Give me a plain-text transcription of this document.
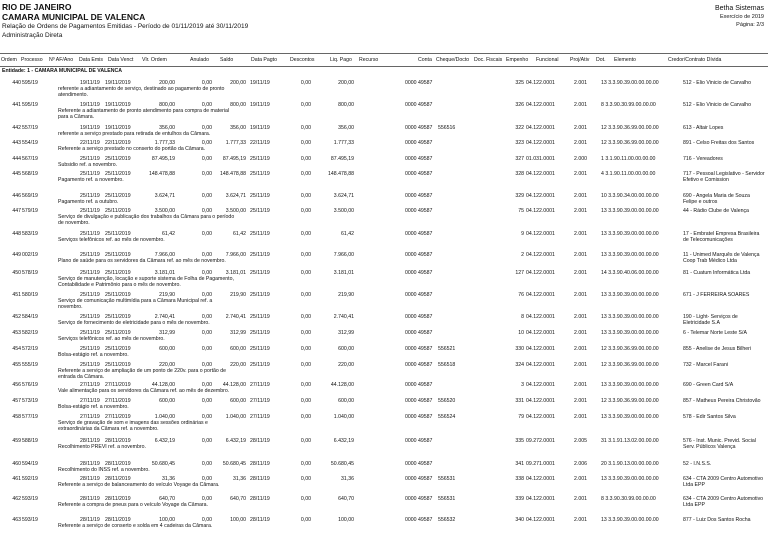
RIO DE JANEIRO
CAMARA MUNICIPAL DE VALENCA
Relação de Ordens de Pagamentos Emitidas - Período de 01/11/2019 até 30/11/2019
Administração Direta
Betha Sistemas
Exercício de 2019
Página: 2/3
Ordem Processo Nº AF/Ano Data Emis Data Venct Vlr. Ordem	Anulado Saldo	Data Pagto	Descontos	Liq. Pago Recurso	Conta Cheque/Docto Doc. Fiscais Empenho Funcional Proj/Ativ Dot. Elemento	Credor/Contrato Dívida
Entidade: 1 - CAMARA MUNICIPAL DE VALENCA
440 595/19	19/11/19 19/11/2019	200,00	0,00	200,00 19/11/19	0,00	200,00	0000 49587	325 04.122.0001	2.001	13 3.3.90.39.00.00.00.00	512 - Elio Vinicio de Carvalho
referente a adiantamento de serviço, destinado ao pagamento de pronto atendimento.
441 595/19	19/11/19 19/11/2019	800,00	0,00	800,00 19/11/19	0,00	800,00	0000 49587	326 04.122.0001	2.001	8 3.3.90.30.99.00.00.00	512 - Elio Vinicio de Carvalho
Referente a adiantamento de pronto atendimento para compra de material para a Câmara.
442 557/19	19/11/19 19/11/2019	356,00	0,00	356,00 19/11/19	0,00	356,00	0000 49587 556516	322 04.122.0001	2.001	12 3.3.90.36.99.00.00.00	613 - Altair Lopes
referente a serviço prestado para retirada de entulhos da Câmara.
443 554/19	22/11/19 22/11/2019	1.777,33	0,00	1.777,33 22/11/19	0,00	1.777,33	0000 49587	323 04.122.0001	2.001	12 3.3.90.36.99.00.00.00	891 - Celso Freitas dos Santos
Referente a serviço prestado no conserto do portão da Câmara.
444 567/19	25/11/19 25/11/2019	87.495,19	0,00	87.495,19 25/11/19	0,00	87.495,19	0000 49587	327 01.031.0001	2.000	1 3.1.90.11.00.00.00.00	716 - Vereadores
Subsidio ref. a novembro.
445 568/19	25/11/19 25/11/2019	148.478,88	0,00	148.478,88 25/11/19	0,00	148.478,88	0000 49587	328 04.122.0001	2.001	4 3.1.90.11.00.00.00.00	717 - Pessoal Legislativo - Servidor Efetivo e Comission
Pagamento ref. a novembro.
446 569/19	25/11/19 25/11/2019	3.624,71	0,00	3.624,71 25/11/19	0,00	3.624,71	0000 49587	329 04.122.0001	2.001	10 3.3.90.34.00.00.00.00	690 - Angela Maria de Souza Felipe e outros
Pagamento ref. a outubro.
447 579/19	25/11/19 25/11/2019	3.500,00	0,00	3.500,00 25/11/19	0,00	3.500,00	0000 49587	75 04.122.0001	2.001	13 3.3.90.39.00.00.00.00	44 - Rádio Clube de Valença
Serviço de divulgação e publicação dos trabalhos da Câmara para o período de novembro.
448 583/19	25/11/19 25/11/2019	61,42	0,00	61,42 25/11/19	0,00	61,42	0000 49587	9 04.122.0001	2.001	13 3.3.90.39.00.00.00.00	17 - Embratel Empresa Brasileira de Telecomunicações
Serviços telefônicos ref. ao mês de novembro.
449 002/19	25/11/19 25/11/2019	7.966,00	0,00	7.966,00 25/11/19	0,00	7.966,00	0000 49587	2 04.122.0001	2.001	13 3.3.90.39.00.00.00.00	11 - Unimed Marquês de Valença Coop Trab Médico Ltda
Plano de saúde para os servidores da Câmara ref. ao mês de novembro.
450 578/19	25/11/19 25/11/2019	3.181,01	0,00	3.181,01 25/11/19	0,00	3.181,01	0000 49587	127 04.122.0001	2.001	14 3.3.90.40.06.00.00.00	81 - Cuatum Informática Ltda
Serviço de manutenção, locação e suporte sistema de Folha de Pagamento, Contabilidade e Patrimônio para o mês de novembro.
451 580/19	25/11/19 25/11/2019	219,90	0,00	219,90 25/11/19	0,00	219,90	0000 49587	76 04.122.0001	2.001	13 3.3.90.39.00.00.00.00	671 - J FERREIRA SOARES
Serviço de comunicação multimídia para a Câmara Municipal ref. a novembro.
452 584/19	25/11/19 25/11/2019	2.740,41	0,00	2.740,41 25/11/19	0,00	2.740,41	0000 49587	8 04.122.0001	2.001	13 3.3.90.39.00.00.00.00	190 - Light- Serviços de Eletricidade S.A
Serviço de fornecimento de eletricidade para o mês de novembro.
453 582/19	25/11/19 25/11/2019	312,99	0,00	312,99 25/11/19	0,00	312,99	0000 49587	10 04.122.0001	2.001	13 3.3.90.39.00.00.00.00	6 - Telemar Norte Leste S/A
Serviços telefônicos ref. ao mês de novembro.
454 572/19	25/11/19 25/11/2019	600,00	0,00	600,00 25/11/19	0,00	600,00	0000 49587 556521	330 04.122.0001	2.001	12 3.3.90.36.99.00.00.00	855 - Anelise de Jesus Bilheri
Bolsa-estágio ref. a novembro.
455 555/19	25/11/19 25/11/2019	220,00	0,00	220,00 25/11/19	0,00	220,00	0000 49587 556518	324 04.122.0001	2.001	12 3.3.90.36.99.00.00.00	732 - Marcel Farani
Referente a serviço de ampliação de um ponto de 220v. para o portão de entrada da Câmara.
456 576/19	27/11/19 27/11/2019	44.128,00	0,00	44.128,00 27/11/19	0,00	44.128,00	0000 49587	3 04.122.0001	2.001	13 3.3.90.39.00.00.00.00	690 - Green Card S/A
Vale alimentação para os servidores da Câmara ref. ao mês de dezembro.
457 573/19	27/11/19 27/11/2019	600,00	0,00	600,00 27/11/19	0,00	600,00	0000 49587 556520	331 04.122.0001	2.001	12 3.3.90.36.99.00.00.00	857 - Matheus Pereira Christovão
Bolsa-estágio ref. a novembro.
458 577/19	27/11/19 27/11/2019	1.040,00	0,00	1.040,00 27/11/19	0,00	1.040,00	0000 49587 556524	79 04.122.0001	2.001	13 3.3.90.39.00.00.00.00	578 - Edir Santos Silva
Serviço de gravação de som e imagens das sessões ordinárias e extraordinárias da Câmara ref. a novembro.
459 588/19	28/11/19 28/11/2019	6.432,19	0,00	6.432,19 28/11/19	0,00	6.432,19	0000 49587	335 09.272.0001	2.005	31 3.1.91.13.02.00.00.00	576 - Inst. Munic. Previd. Social Serv. Públicos Valença
Recolhimento PREVI ref. a novembro.
460 594/19	28/11/19 28/11/2019	50.680,45	0,00	50.680,45 28/11/19	0,00	50.680,45	0000 49587	341 09.271.0001	2.006	20 3.1.90.13.00.00.00.00	52 - I.N.S.S.
Recolhimento do INSS ref. a novembro.
461 592/19	28/11/19 28/11/2019	31,36	0,00	31,36 28/11/19	0,00	31,36	0000 49587 556531	338 04.122.0001	2.001	13 3.3.90.39.00.00.00.00	634 - CTA 2009 Centro Automotivo Ltda EPP
Referente a serviço de balanceamento do veículo Voyage da Câmara.
462 593/19	28/11/19 28/11/2019	640,70	0,00	640,70 28/11/19	0,00	640,70	0000 49587 556531	339 04.122.0001	2.001	8 3.3.90.30.99.00.00.00	634 - CTA 2009 Centro Automotivo Ltda EPP
Referente a compra de pneus para o veículo Voyage da Câmara.
463 593/19	28/11/19 28/11/2019	100,00	0,00	100,00 28/11/19	0,00	100,00	0000 49587 556532	340 04.122.0001	2.001	13 3.3.90.39.00.00.00.00	877 - Luiz Dos Santos Rocha
Referente a serviço de conserto e solda em 4 cadeiras da Câmara.
